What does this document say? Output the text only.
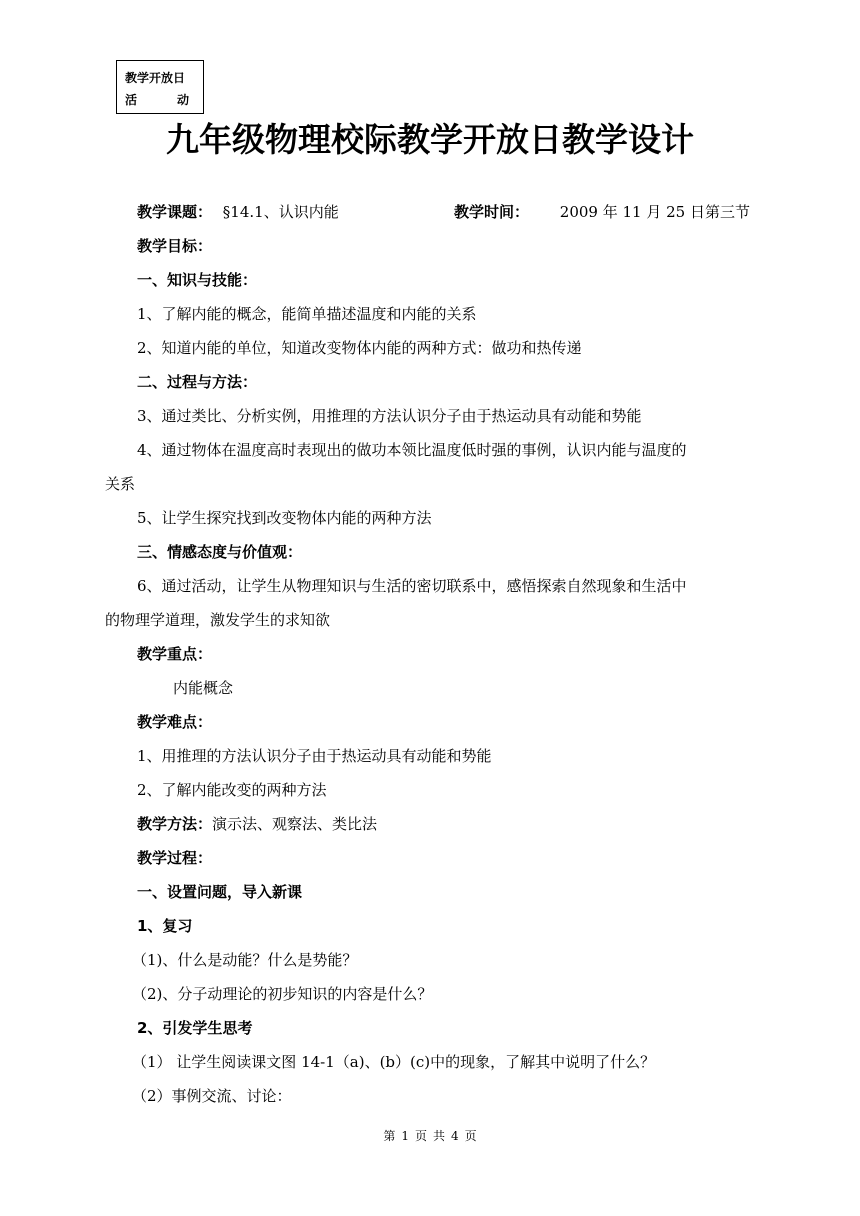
教学开放日
活	动
九年级物理校际教学开放日教学设计
教学课题： §14.1、认识内能	教学时间： 2009 年 11 月 25 日第三节
教学目标：
一、知识与技能：
1、了解内能的概念，能简单描述温度和内能的关系
2、知道内能的单位，知道改变物体内能的两种方式：做功和热传递
二、过程与方法：
3、通过类比、分析实例，用推理的方法认识分子由于热运动具有动能和势能
4、通过物体在温度高时表现出的做功本领比温度低时强的事例，认识内能与温度的
关系
5、让学生探究找到改变物体内能的两种方法
三、情感态度与价值观：
6、通过活动，让学生从物理知识与生活的密切联系中，感悟探索自然现象和生活中
的物理学道理，激发学生的求知欲
教学重点：
内能概念
教学难点：
1、用推理的方法认识分子由于热运动具有动能和势能
2、了解内能改变的两种方法
教学方法：演示法、观察法、类比法
教学过程：
一、设置问题，导入新课
1、复习
（1)、什么是动能？什么是势能？
（2)、分子动理论的初步知识的内容是什么？
2、引发学生思考
（1） 让学生阅读课文图 14-1（a)、(b）(c)中的现象，了解其中说明了什么？
（2）事例交流、讨论：
第 1 页 共 4 页
